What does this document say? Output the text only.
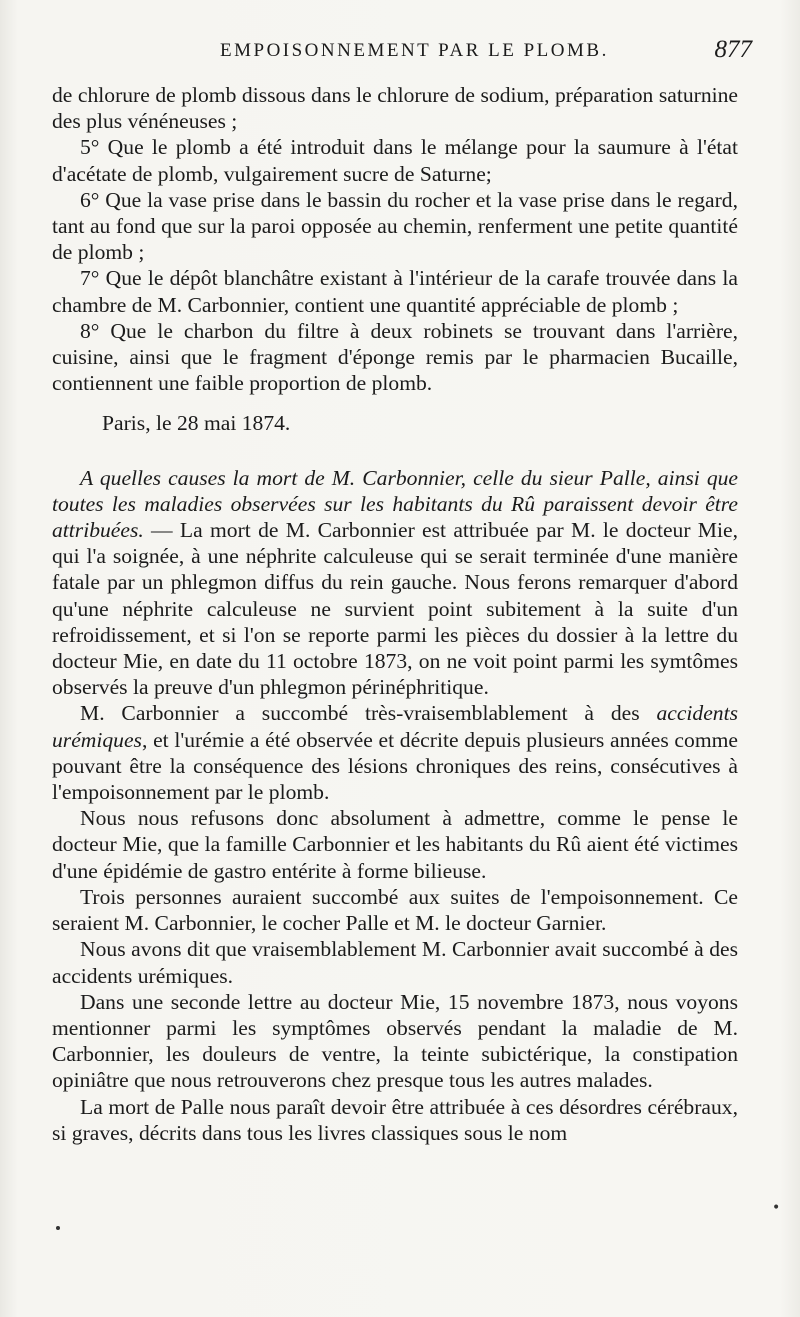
EMPOISONNEMENT PAR LE PLOMB.	877

de chlorure de plomb dissous dans le chlorure de sodium, préparation saturnine des plus vénéneuses ;

5° Que le plomb a été introduit dans le mélange pour la saumure à l'état d'acétate de plomb, vulgairement sucre de Saturne;

6° Que la vase prise dans le bassin du rocher et la vase prise dans le regard, tant au fond que sur la paroi opposée au chemin, renferment une petite quantité de plomb ;

7° Que le dépôt blanchâtre existant à l'intérieur de la carafe trouvée dans la chambre de M. Carbonnier, contient une quantité appréciable de plomb ;

8° Que le charbon du filtre à deux robinets se trouvant dans l'arrière, cuisine, ainsi que le fragment d'éponge remis par le pharmacien Bucaille, contiennent une faible proportion de plomb.

Paris, le 28 mai 1874.

A quelles causes la mort de M. Carbonnier, celle du sieur Palle, ainsi que toutes les maladies observées sur les habitants du Rû paraissent devoir être attribuées. — La mort de M. Carbonnier est attribuée par M. le docteur Mie, qui l'a soignée, à une néphrite calculeuse qui se serait terminée d'une manière fatale par un phlegmon diffus du rein gauche. Nous ferons remarquer d'abord qu'une néphrite calculeuse ne survient point subitement à la suite d'un refroidissement, et si l'on se reporte parmi les pièces du dossier à la lettre du docteur Mie, en date du 11 octobre 1873, on ne voit point parmi les symtômes observés la preuve d'un phlegmon périnéphritique.

M. Carbonnier a succombé très-vraisemblablement à des accidents urémiques, et l'urémie a été observée et décrite depuis plusieurs années comme pouvant être la conséquence des lésions chroniques des reins, consécutives à l'empoisonnement par le plomb.

Nous nous refusons donc absolument à admettre, comme le pense le docteur Mie, que la famille Carbonnier et les habitants du Rû aient été victimes d'une épidémie de gastro entérite à forme bilieuse.

Trois personnes auraient succombé aux suites de l'empoisonnement. Ce seraient M. Carbonnier, le cocher Palle et M. le docteur Garnier.

Nous avons dit que vraisemblablement M. Carbonnier avait succombé à des accidents urémiques.

Dans une seconde lettre au docteur Mie, 15 novembre 1873, nous voyons mentionner parmi les symptômes observés pendant la maladie de M. Carbonnier, les douleurs de ventre, la teinte subictérique, la constipation opiniâtre que nous retrouverons chez presque tous les autres malades.

La mort de Palle nous paraît devoir être attribuée à ces désordres cérébraux, si graves, décrits dans tous les livres classiques sous le nom

•
